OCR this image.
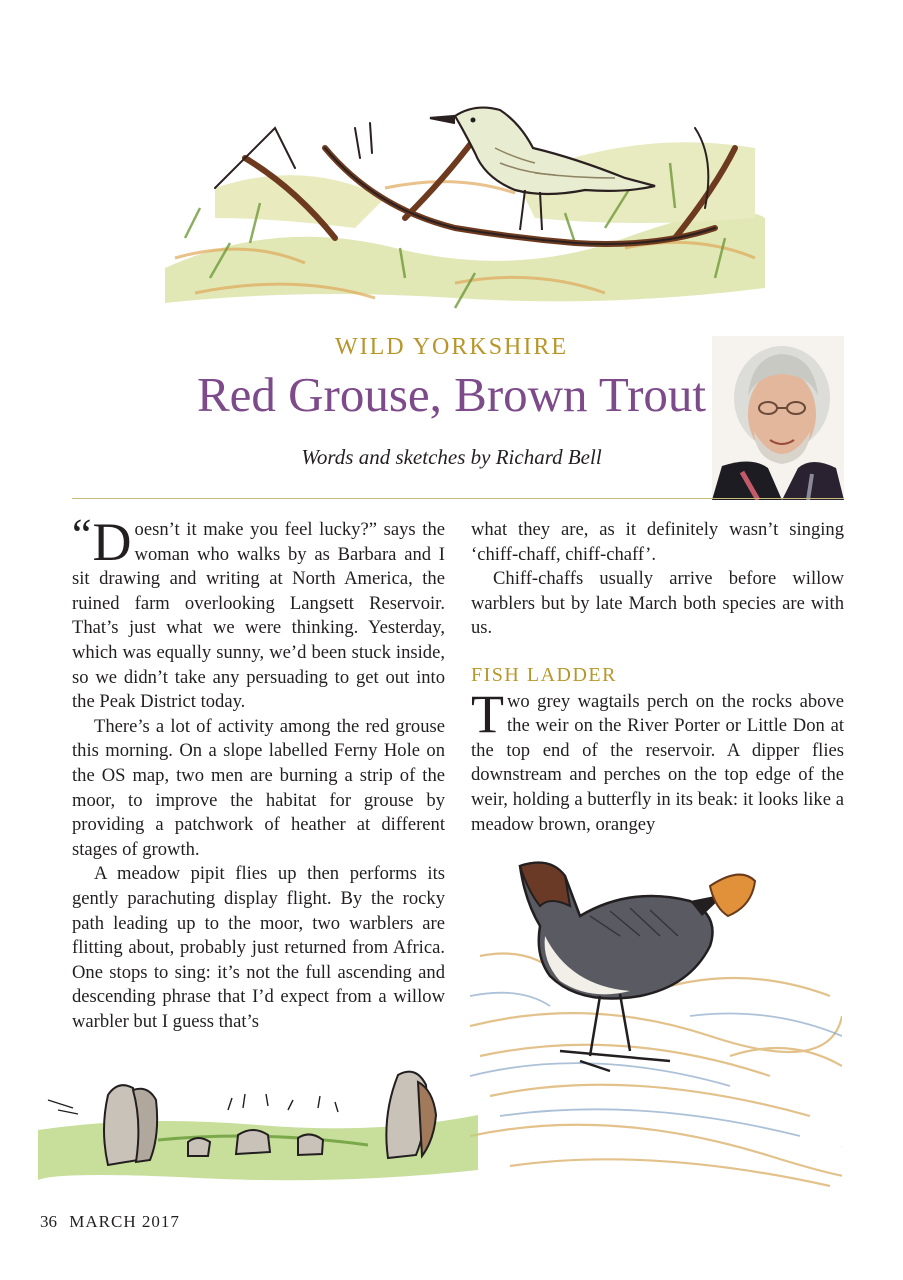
WILD YORKSHIRE
Red Grouse, Brown Trout
Words and sketches by Richard Bell

“D oesn’t it make you feel lucky?” says the woman who walks by as Barbara and I sit drawing and writing at North America, the ruined farm overlooking Langsett Reservoir. That’s just what we were thinking. Yesterday, which was equally sunny, we’d been stuck inside, so we didn’t take any persuading to get out into the Peak District today.

There’s a lot of activity among the red grouse this morning. On a slope labelled Ferny Hole on the OS map, two men are burning a strip of the moor, to improve the habitat for grouse by providing a patchwork of heather at different stages of growth.

A meadow pipit flies up then performs its gently parachuting display flight. By the rocky path leading up to the moor, two warblers are flitting about, probably just returned from Africa. One stops to sing: it’s not the full ascending and descending phrase that I’d expect from a willow warbler but I guess that’s

what they are, as it definitely wasn’t singing ‘chiff-chaff, chiff-chaff’.

Chiff-chaffs usually arrive before willow warblers but by late March both species are with us.

FISH LADDER

Two grey wagtails perch on the rocks above the weir on the River Porter or Little Don at the top end of the reservoir. A dipper flies downstream and perches on the top edge of the weir, holding a butterfly in its beak: it looks like a meadow brown, orangey

36 MARCH 2017
